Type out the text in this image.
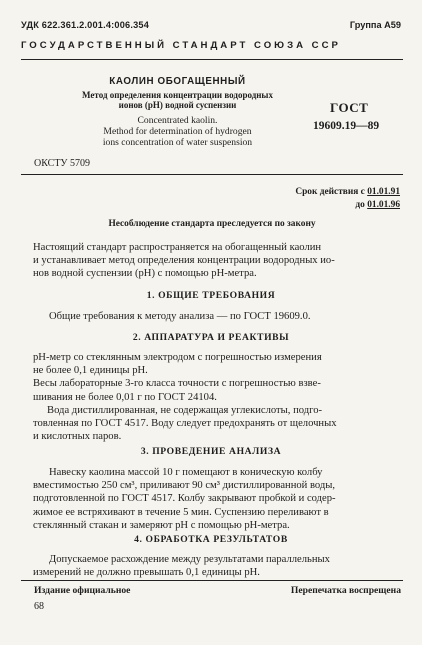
УДК 622.361.2.001.4:006.354	Группа А59
ГОСУДАРСТВЕННЫЙ СТАНДАРТ СОЮЗА ССР
КАОЛИН ОБОГАЩЕННЫЙ
Метод определения концентрации водородных
ионов (pH) водной суспензии
Concentrated kaolin.
Method for determination of hydrogen
ions concentration of water suspension
ГОСТ
19609.19—89
ОКСТУ 5709
Срок действия с 01.01.91
до 01.01.96
Несоблюдение стандарта преследуется по закону

Настоящий стандарт распространяется на обогащенный каолин

и устанавливает метод определения концентрации водородных ио-

нов водной суспензии (pH) с помощью pH-метра.

1. ОБЩИЕ ТРЕБОВАНИЯ

Общие требования к методу анализа — по ГОСТ 19609.0.

2. АППАРАТУРА И РЕАКТИВЫ

pH-метр со стеклянным электродом с погрешностью измерения

не более 0,1 единицы pH.

Весы лабораторные 3-го класса точности с погрешностью взве-

шивания не более 0,01 г по ГОСТ 24104.

Вода дистиллированная, не содержащая углекислоты, подго-

товленная по ГОСТ 4517. Воду следует предохранять от щелочных

и кислотных паров.

3. ПРОВЕДЕНИЕ АНАЛИЗА

Навеску каолина массой 10 г помещают в коническую колбу

вместимостью 250 см³, приливают 90 см³ дистиллированной воды,

подготовленной по ГОСТ 4517. Колбу закрывают пробкой и содер-

жимое ее встряхивают в течение 5 мин. Суспензию переливают в

стеклянный стакан и замеряют pH с помощью pH-метра.

4. ОБРАБОТКА РЕЗУЛЬТАТОВ

Допускаемое расхождение между результатами параллельных

измерений не должно превышать 0,1 единицы pH.

Издание официальное	Перепечатка воспрещена
68
